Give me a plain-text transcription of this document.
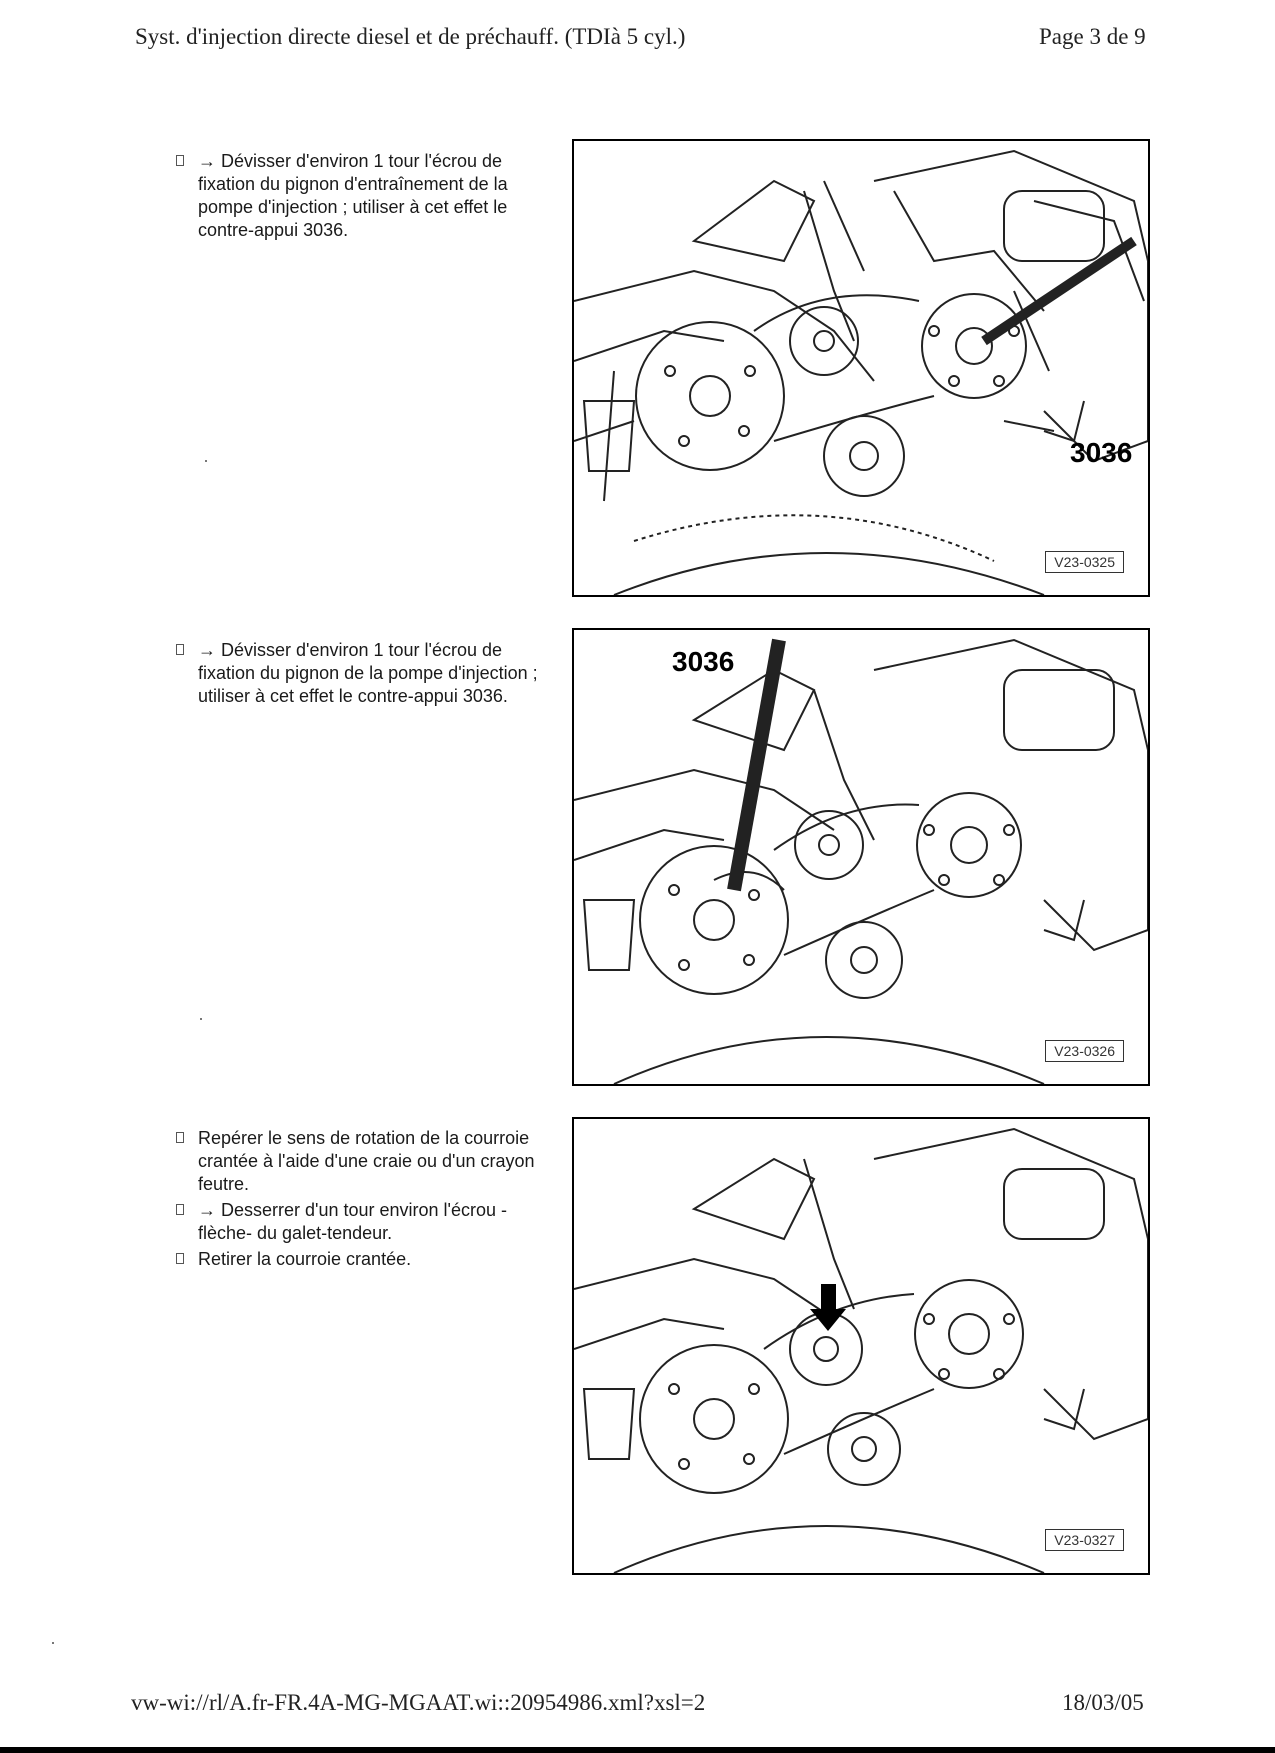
Syst. d'injection directe diesel et de préchauff. (TDIà 5 cyl.)	Page 3 de 9
→ Dévisser d'environ 1 tour l'écrou de fixation du pignon d'entraînement de la pompe d'injection ; utiliser à cet effet le contre-appui 3036.
3036
V23-0325
→ Dévisser d'environ 1 tour l'écrou de fixation du pignon de la pompe d'injection ; utiliser à cet effet le contre-appui 3036.
3036
V23-0326
Repérer le sens de rotation de la courroie crantée à l'aide d'une craie ou d'un crayon feutre.
→ Desserrer d'un tour environ l'écrou -flèche- du galet-tendeur.
Retirer la courroie crantée.
V23-0327
vw-wi://rl/A.fr-FR.4A-MG-MGAAT.wi::20954986.xml?xsl=2	18/03/05
